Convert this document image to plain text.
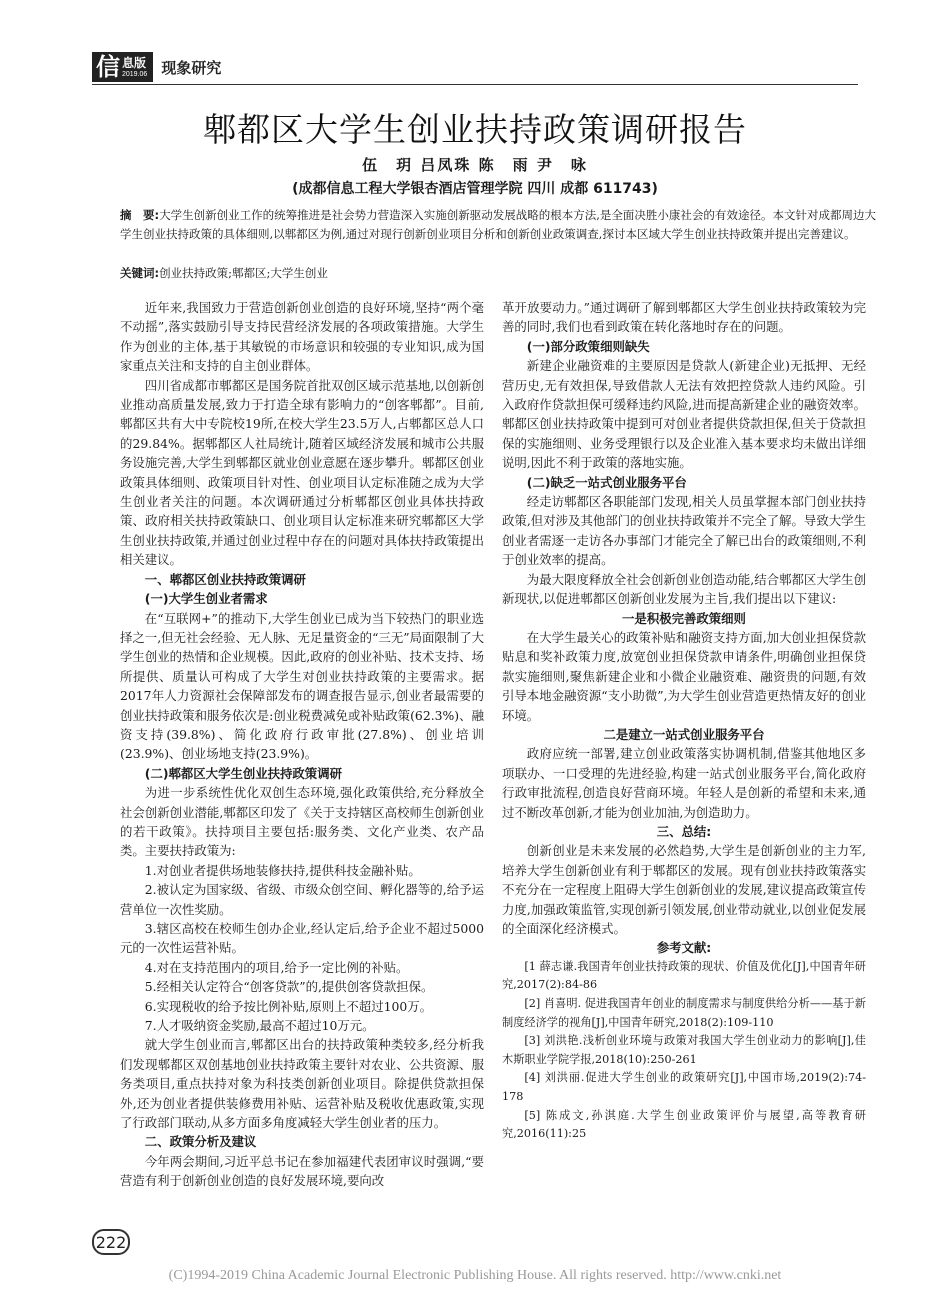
信 息版
2019.06 现象研究
郫都区大学生创业扶持政策调研报告
伍　玥 吕凤珠 陈　雨 尹　咏
(成都信息工程大学银杏酒店管理学院 四川 成都 611743)
摘　要:大学生创新创业工作的统筹推进是社会势力营造深入实施创新驱动发展战略的根本方法,是全面决胜小康社会的有效途径。本文针对成都周边大学生创业扶持政策的具体细则,以郫都区为例,通过对现行创新创业项目分析和创新创业政策调查,探讨本区域大学生创业扶持政策并提出完善建议。
关键词:创业扶持政策;郫都区;大学生创业

近年来,我国致力于营造创新创业创造的良好环境,坚持“两个毫不动摇”,落实鼓励引导支持民营经济发展的各项政策措施。大学生作为创业的主体,基于其敏锐的市场意识和较强的专业知识,成为国家重点关注和支持的自主创业群体。

四川省成都市郫都区是国务院首批双创区域示范基地,以创新创业推动高质量发展,致力于打造全球有影响力的“创客郫都”。目前,郫都区共有大中专院校19所,在校大学生23.5万人,占郫都区总人口的29.84%。据郫都区人社局统计,随着区域经济发展和城市公共服务设施完善,大学生到郫都区就业创业意愿在逐步攀升。郫都区创业政策具体细则、政策项目针对性、创业项目认定标准随之成为大学生创业者关注的问题。本次调研通过分析郫都区创业具体扶持政策、政府相关扶持政策缺口、创业项目认定标准来研究郫都区大学生创业扶持政策,并通过创业过程中存在的问题对具体扶持政策提出相关建议。

一、郫都区创业扶持政策调研
(一)大学生创业者需求

在“互联网+”的推动下,大学生创业已成为当下较热门的职业选择之一,但无社会经验、无人脉、无足量资金的“三无”局面限制了大学生创业的热情和企业规模。因此,政府的创业补贴、技术支持、场所提供、质量认可构成了大学生对创业扶持政策的主要需求。据2017年人力资源社会保障部发布的调查报告显示,创业者最需要的创业扶持政策和服务依次是:创业税费减免或补贴政策(62.3%)、融资支持(39.8%)、简化政府行政审批(27.8%)、创业培训(23.9%)、创业场地支持(23.9%)。

(二)郫都区大学生创业扶持政策调研

为进一步系统性优化双创生态环境,强化政策供给,充分释放全社会创新创业潜能,郫都区印发了《关于支持辖区高校师生创新创业的若干政策》。扶持项目主要包括:服务类、文化产业类、农产品类。主要扶持政策为:

1.对创业者提供场地装修扶持,提供科技金融补贴。

2.被认定为国家级、省级、市级众创空间、孵化器等的,给予运营单位一次性奖励。

3.辖区高校在校师生创办企业,经认定后,给予企业不超过5000元的一次性运营补贴。

4.对在支持范围内的项目,给予一定比例的补贴。

5.经相关认定符合“创客贷款”的,提供创客贷款担保。

6.实现税收的给予按比例补贴,原则上不超过100万。

7.人才吸纳资金奖励,最高不超过10万元。

就大学生创业而言,郫都区出台的扶持政策种类较多,经分析我们发现郫都区双创基地创业扶持政策主要针对农业、公共资源、服务类项目,重点扶持对象为科技类创新创业项目。除提供贷款担保外,还为创业者提供装修费用补贴、运营补贴及税收优惠政策,实现了行政部门联动,从多方面多角度减轻大学生创业者的压力。

二、政策分析及建议

今年两会期间,习近平总书记在参加福建代表团审议时强调,“要营造有利于创新创业创造的良好发展环境,要向改

革开放要动力。”通过调研了解到郫都区大学生创业扶持政策较为完善的同时,我们也看到政策在转化落地时存在的问题。

(一)部分政策细则缺失

新建企业融资难的主要原因是贷款人(新建企业)无抵押、无经营历史,无有效担保,导致借款人无法有效把控贷款人违约风险。引入政府作贷款担保可缓释违约风险,进而提高新建企业的融资效率。郫都区创业扶持政策中提到可对创业者提供贷款担保,但关于贷款担保的实施细则、业务受理银行以及企业准入基本要求均未做出详细说明,因此不利于政策的落地实施。

(二)缺乏一站式创业服务平台

经走访郫都区各职能部门发现,相关人员虽掌握本部门创业扶持政策,但对涉及其他部门的创业扶持政策并不完全了解。导致大学生创业者需逐一走访各办事部门才能完全了解已出台的政策细则,不利于创业效率的提高。

为最大限度释放全社会创新创业创造动能,结合郫都区大学生创新现状,以促进郫都区创新创业发展为主旨,我们提出以下建议:

一是积极完善政策细则

在大学生最关心的政策补贴和融资支持方面,加大创业担保贷款贴息和奖补政策力度,放宽创业担保贷款申请条件,明确创业担保贷款实施细则,聚焦新建企业和小微企业融资难、融资贵的问题,有效引导本地金融资源“支小助微”,为大学生创业营造更热情友好的创业环境。

二是建立一站式创业服务平台

政府应统一部署,建立创业政策落实协调机制,借鉴其他地区多项联办、一口受理的先进经验,构建一站式创业服务平台,简化政府行政审批流程,创造良好营商环境。年轻人是创新的希望和未来,通过不断改革创新,才能为创业加油,为创造助力。

三、总结:

创新创业是未来发展的必然趋势,大学生是创新创业的主力军,培养大学生创新创业有利于郫都区的发展。现有创业扶持政策落实不充分在一定程度上阻碍大学生创新创业的发展,建议提高政策宣传力度,加强政策监管,实现创新引领发展,创业带动就业,以创业促发展的全面深化经济模式。

参考文献:

[1 薛志谦.我国青年创业扶持政策的现状、价值及优化[J],中国青年研究,2017(2):84-86

[2] 肖喜明. 促进我国青年创业的制度需求与制度供给分析——基于新制度经济学的视角[J],中国青年研究,2018(2):109-110

[3] 刘洪艳.浅析创业环境与政策对我国大学生创业动力的影响[J],佳木斯职业学院学报,2018(10):250-261

[4] 刘洪丽.促进大学生创业的政策研究[J],中国市场,2019(2):74-178

[5] 陈成文,孙淇庭.大学生创业政策评价与展望,高等教育研究,2016(11):25

222
(C)1994-2019 China Academic Journal Electronic Publishing House. All rights reserved. http://www.cnki.net
